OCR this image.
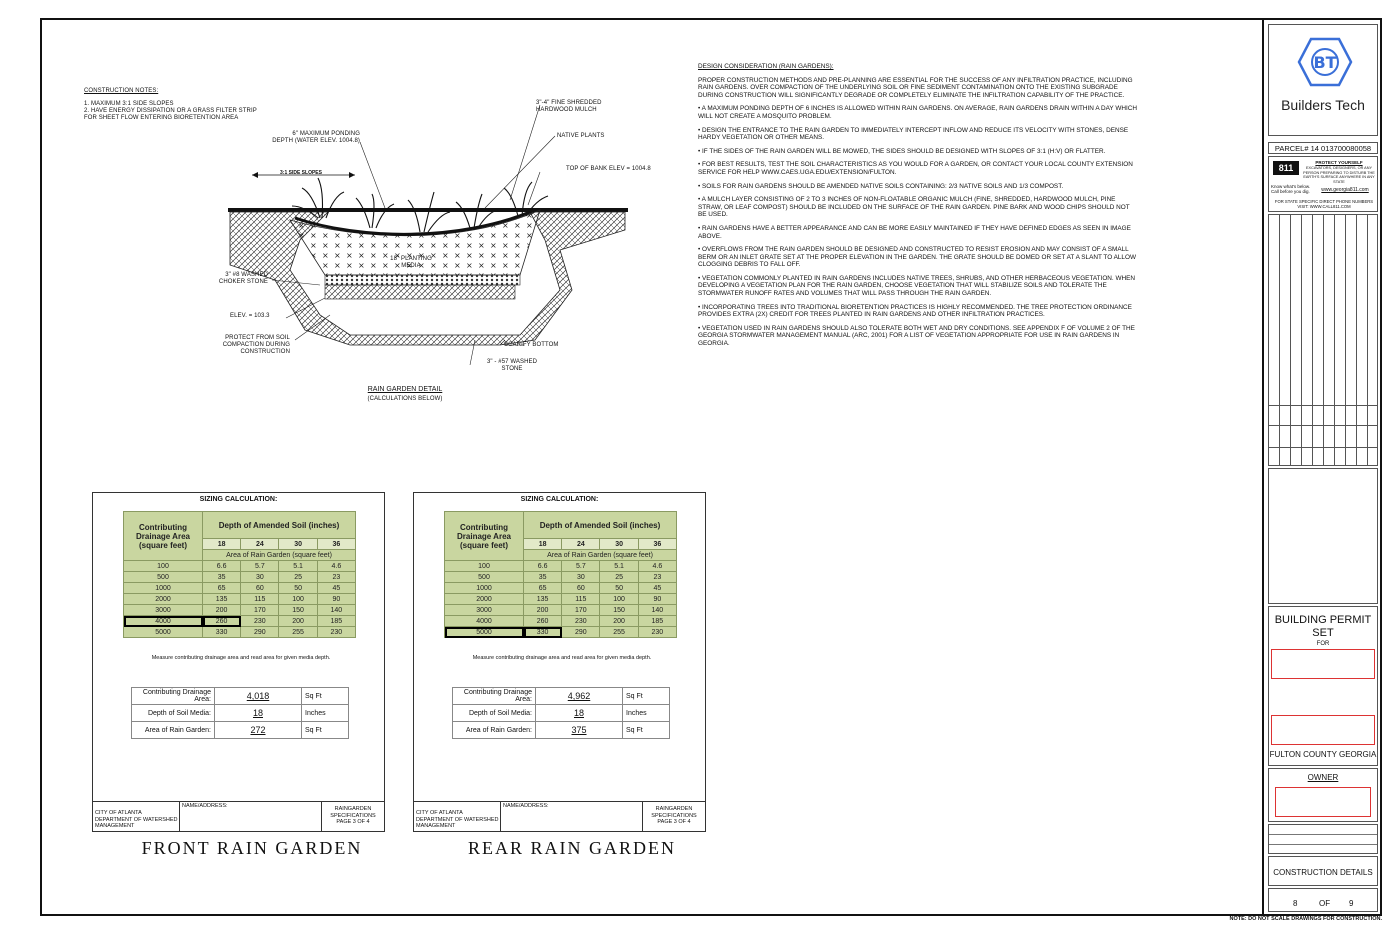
CONSTRUCTION NOTES:
1. MAXIMUM 3:1 SIDE SLOPES
2. HAVE ENERGY DISSIPATION OR A GRASS FILTER STRIP FOR SHEET FLOW ENTERING BIORETENTION AREA
3"-4" FINE SHREDDED HARDWOOD MULCH
6" MAXIMUM PONDING DEPTH (WATER ELEV. 1004.8)
NATIVE PLANTS
TOP OF BANK ELEV = 1004.8
3:1 SIDE SLOPES
18" PLANTING MEDIA
3" #8 WASHED CHOKER STONE
ELEV. = 103.3
PROTECT FROM SOIL COMPACTION DURING CONSTRUCTION
SCARIFY BOTTOM
3" - #57 WASHED STONE
RAIN GARDEN DETAIL
(CALCULATIONS BELOW)

DESIGN CONSIDERATION (RAIN GARDENS):

PROPER CONSTRUCTION METHODS AND PRE-PLANNING ARE ESSENTIAL FOR THE SUCCESS OF ANY INFILTRATION PRACTICE, INCLUDING RAIN GARDENS. OVER COMPACTION OF THE UNDERLYING SOIL OR FINE SEDIMENT CONTAMINATION ONTO THE EXISTING SUBGRADE DURING CONSTRUCTION WILL SIGNIFICANTLY DEGRADE OR COMPLETELY ELIMINATE THE INFILTRATION CAPABILITY OF THE PRACTICE.

• A MAXIMUM PONDING DEPTH OF 6 INCHES IS ALLOWED WITHIN RAIN GARDENS. ON AVERAGE, RAIN GARDENS DRAIN WITHIN A DAY WHICH WILL NOT CREATE A MOSQUITO PROBLEM.

• DESIGN THE ENTRANCE TO THE RAIN GARDEN TO IMMEDIATELY INTERCEPT INFLOW AND REDUCE ITS VELOCITY WITH STONES, DENSE HARDY VEGETATION OR OTHER MEANS.

• IF THE SIDES OF THE RAIN GARDEN WILL BE MOWED, THE SIDES SHOULD BE DESIGNED WITH SLOPES OF 3:1 (H:V) OR FLATTER.

• FOR BEST RESULTS, TEST THE SOIL CHARACTERISTICS AS YOU WOULD FOR A GARDEN, OR CONTACT YOUR LOCAL COUNTY EXTENSION SERVICE FOR HELP WWW.CAES.UGA.EDU/EXTENSION/FULTON.

• SOILS FOR RAIN GARDENS SHOULD BE AMENDED NATIVE SOILS CONTAINING: 2/3 NATIVE SOILS AND 1/3 COMPOST.

• A MULCH LAYER CONSISTING OF 2 TO 3 INCHES OF NON-FLOATABLE ORGANIC MULCH (FINE, SHREDDED, HARDWOOD MULCH, PINE STRAW, OR LEAF COMPOST) SHOULD BE INCLUDED ON THE SURFACE OF THE RAIN GARDEN. PINE BARK AND WOOD CHIPS SHOULD NOT BE USED.

• RAIN GARDENS HAVE A BETTER APPEARANCE AND CAN BE MORE EASILY MAINTAINED IF THEY HAVE DEFINED EDGES AS SEEN IN IMAGE ABOVE.

• OVERFLOWS FROM THE RAIN GARDEN SHOULD BE DESIGNED AND CONSTRUCTED TO RESIST EROSION AND MAY CONSIST OF A SMALL BERM OR AN INLET GRATE SET AT THE PROPER ELEVATION IN THE GARDEN. THE GRATE SHOULD BE DOMED OR SET AT A SLANT TO ALLOW CLOGGING DEBRIS TO FALL OFF.

• VEGETATION COMMONLY PLANTED IN RAIN GARDENS INCLUDES NATIVE TREES, SHRUBS, AND OTHER HERBACEOUS VEGETATION. WHEN DEVELOPING A VEGETATION PLAN FOR THE RAIN GARDEN, CHOOSE VEGETATION THAT WILL STABILIZE SOILS AND TOLERATE THE STORMWATER RUNOFF RATES AND VOLUMES THAT WILL PASS THROUGH THE RAIN GARDEN.

• INCORPORATING TREES INTO TRADITIONAL BIORETENTION PRACTICES IS HIGHLY RECOMMENDED. THE TREE PROTECTION ORDINANCE PROVIDES EXTRA (2X) CREDIT FOR TREES PLANTED IN RAIN GARDENS AND OTHER INFILTRATION PRACTICES.

• VEGETATION USED IN RAIN GARDENS SHOULD ALSO TOLERATE BOTH WET AND DRY CONDITIONS. SEE APPENDIX F OF VOLUME 2 OF THE GEORGIA STORMWATER MANAGEMENT MANUAL (ARC, 2001) FOR A LIST OF VEGETATION APPROPRIATE FOR USE IN RAIN GARDENS IN GEORGIA.

SIZING CALCULATION:
Contributing Drainage Area (square feet)	Depth of Amended Soil (inches)			
	18	24	30	36
	Area of Rain Garden (square feet)			
100	6.6	5.7	5.1	4.6
500	35	30	25	23
1000	65	60	50	45
2000	135	115	100	90
3000	200	170	150	140
4000	260	230	200	185
5000	330	290	255	230
Measure contributing drainage area and read area for given media depth.
Contributing Drainage Area:	4,018	Sq Ft
Depth of Soil Media:	18	Inches
Area of Rain Garden:	272	Sq Ft
CITY OF ATLANTA DEPARTMENT OF WATERSHED MANAGEMENT
NAME/ADDRESS:	RAINGARDEN SPECIFICATIONS PAGE 3 OF 4
FRONT RAIN GARDEN
SIZING CALCULATION:
Contributing Drainage Area (square feet)	Depth of Amended Soil (inches)			
	18	24	30	36
	Area of Rain Garden (square feet)			
100	6.6	5.7	5.1	4.6
500	35	30	25	23
1000	65	60	50	45
2000	135	115	100	90
3000	200	170	150	140
4000	260	230	200	185
5000	330	290	255	230
Measure contributing drainage area and read area for given media depth.
Contributing Drainage Area:	4,962	Sq Ft
Depth of Soil Media:	18	Inches
Area of Rain Garden:	375	Sq Ft
CITY OF ATLANTA DEPARTMENT OF WATERSHED MANAGEMENT
NAME/ADDRESS:	RAINGARDEN SPECIFICATIONS PAGE 3 OF 4
REAR RAIN GARDEN
BT
Builders Tech
PARCEL# 14 013700080058
811
PROTECT YOURSELF
EXCAVATORS, DESIGNERS, OR ANY PERSON PREPARING TO DISTURB THE EARTH'S SURFACE ANYWHERE IN ANY STATE
Know what's below. Call before you dig.	www.georgia811.com
FOR STATE SPECIFIC DIRECT PHONE NUMBERS VISIT: WWW.CALL811.COM
BUILDING PERMIT SET
FOR
FULTON COUNTY GEORGIA
OWNER
CONSTRUCTION DETAILS
8	OF 9
NOTE: DO NOT SCALE DRAWINGS FOR CONSTRUCTION.
